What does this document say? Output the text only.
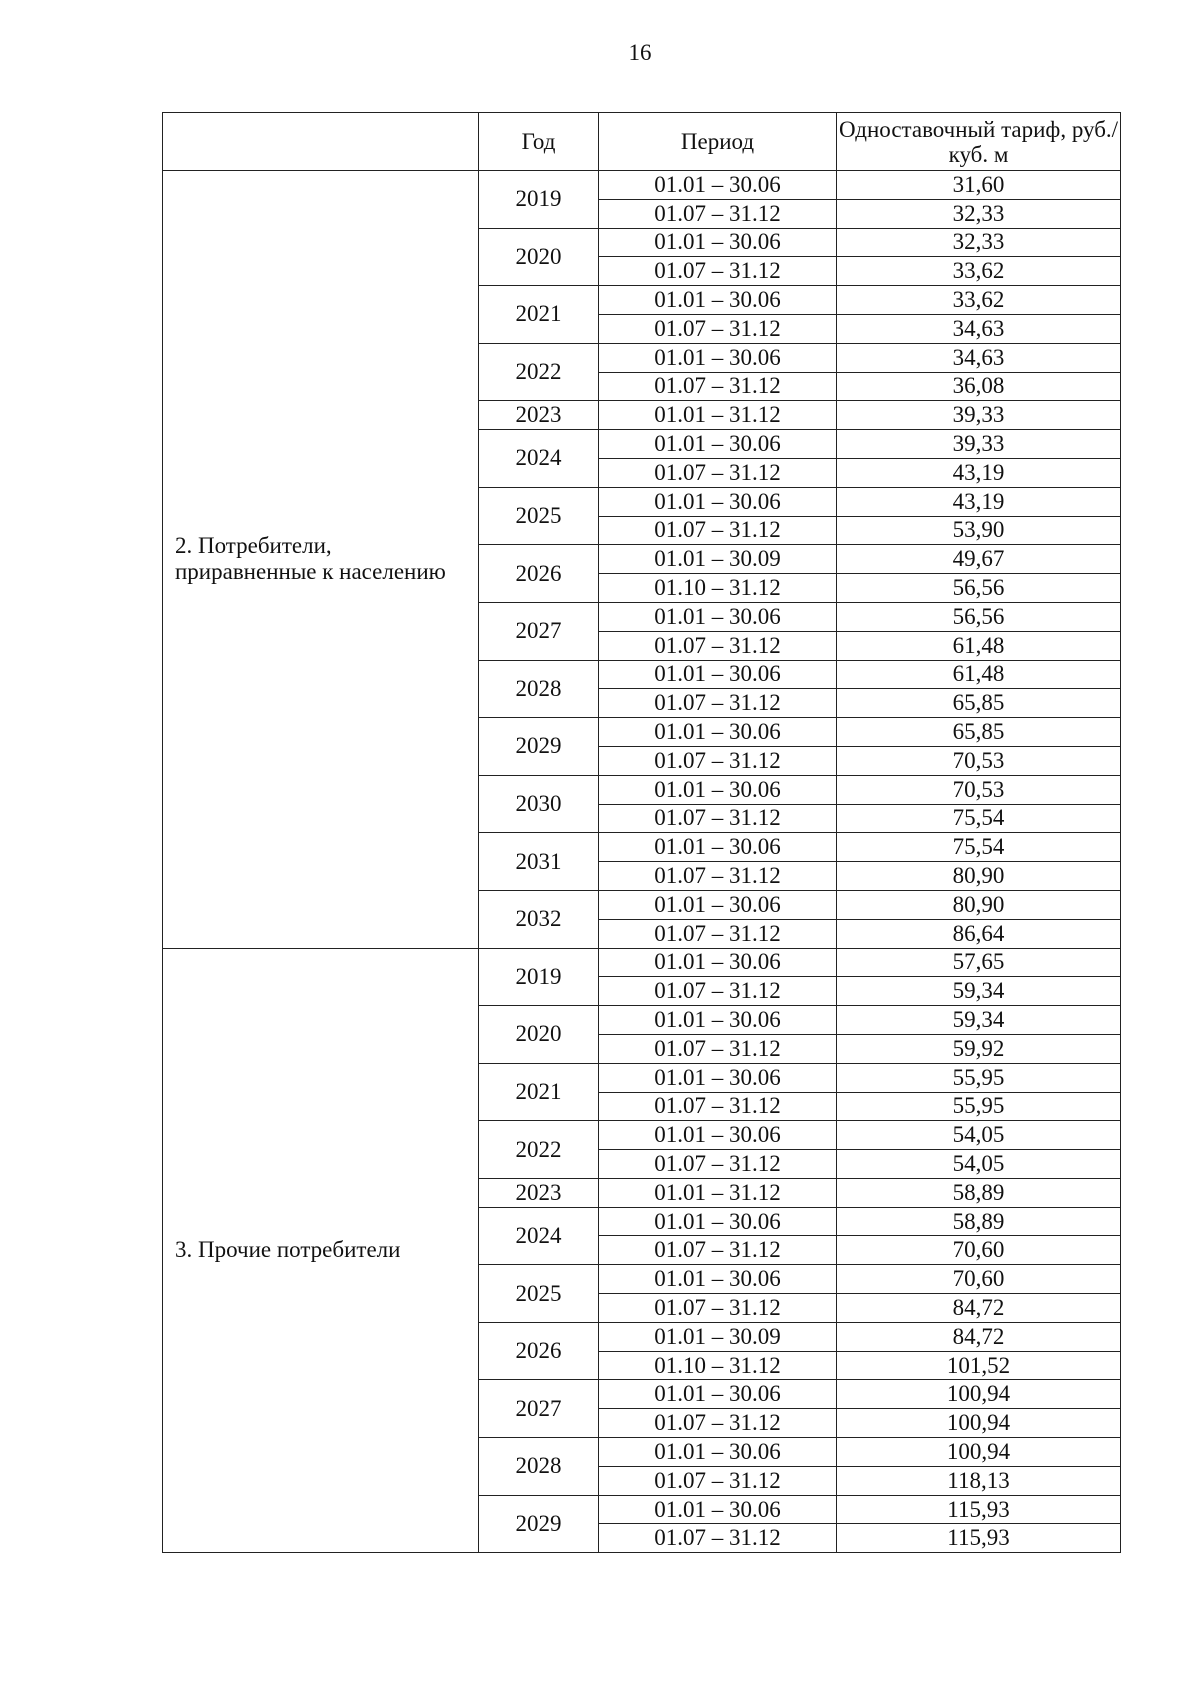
16
	Год	Период	Одноставочный тариф, руб./куб. м
2. Потребители, приравненные к населению	2019	01.01 – 30.06	31,60
		01.07 – 31.12	32,33
	2020	01.01 – 30.06	32,33
		01.07 – 31.12	33,62
	2021	01.01 – 30.06	33,62
		01.07 – 31.12	34,63
	2022	01.01 – 30.06	34,63
		01.07 – 31.12	36,08
	2023	01.01 – 31.12	39,33
	2024	01.01 – 30.06	39,33
		01.07 – 31.12	43,19
	2025	01.01 – 30.06	43,19
		01.07 – 31.12	53,90
	2026	01.01 – 30.09	49,67
		01.10 – 31.12	56,56
	2027	01.01 – 30.06	56,56
		01.07 – 31.12	61,48
	2028	01.01 – 30.06	61,48
		01.07 – 31.12	65,85
	2029	01.01 – 30.06	65,85
		01.07 – 31.12	70,53
	2030	01.01 – 30.06	70,53
		01.07 – 31.12	75,54
	2031	01.01 – 30.06	75,54
		01.07 – 31.12	80,90
	2032	01.01 – 30.06	80,90
		01.07 – 31.12	86,64
3. Прочие потребители	2019	01.01 – 30.06	57,65
		01.07 – 31.12	59,34
	2020	01.01 – 30.06	59,34
		01.07 – 31.12	59,92
	2021	01.01 – 30.06	55,95
		01.07 – 31.12	55,95
	2022	01.01 – 30.06	54,05
		01.07 – 31.12	54,05
	2023	01.01 – 31.12	58,89
	2024	01.01 – 30.06	58,89
		01.07 – 31.12	70,60
	2025	01.01 – 30.06	70,60
		01.07 – 31.12	84,72
	2026	01.01 – 30.09	84,72
		01.10 – 31.12	101,52
	2027	01.01 – 30.06	100,94
		01.07 – 31.12	100,94
	2028	01.01 – 30.06	100,94
		01.07 – 31.12	118,13
	2029	01.01 – 30.06	115,93
		01.07 – 31.12	115,93
